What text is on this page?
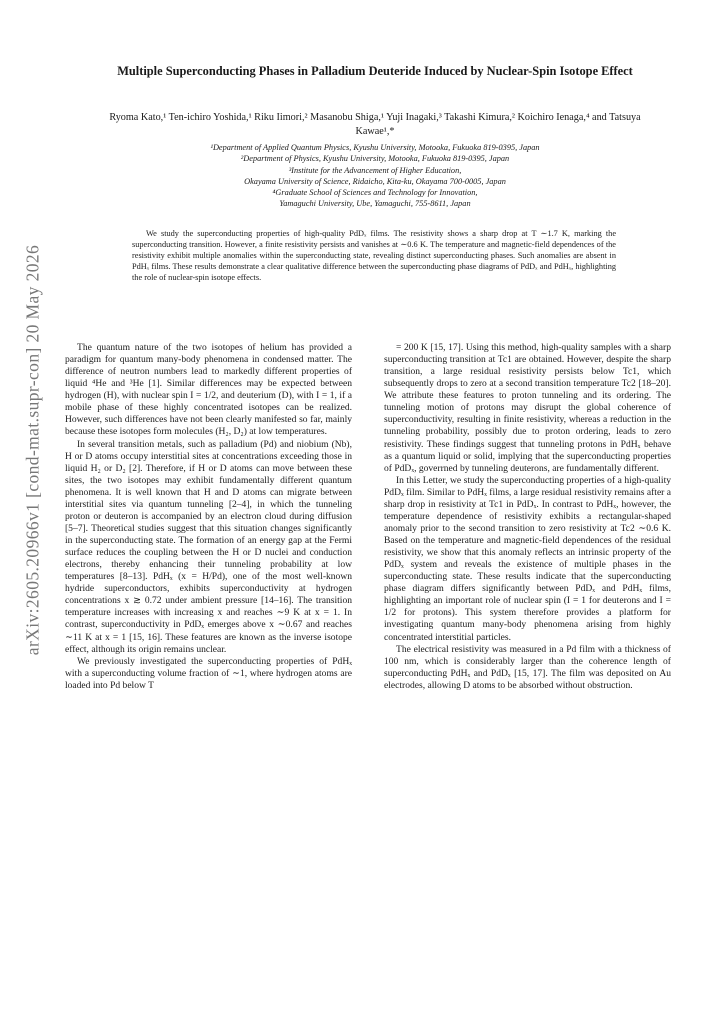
arXiv:2605.20966v1 [cond-mat.supr-con] 20 May 2026
Multiple Superconducting Phases in Palladium Deuteride Induced by Nuclear-Spin Isotope Effect
Ryoma Kato,¹ Ten-ichiro Yoshida,¹ Riku Iimori,² Masanobu Shiga,¹ Yuji Inagaki,³ Takashi Kimura,² Koichiro Ienaga,⁴ and Tatsuya Kawae¹,*
¹Department of Applied Quantum Physics, Kyushu University, Motooka, Fukuoka 819-0395, Japan
²Department of Physics, Kyushu University, Motooka, Fukuoka 819-0395, Japan
³Institute for the Advancement of Higher Education,
Okayama University of Science, Ridaicho, Kita-ku, Okayama 700-0005, Japan
⁴Graduate School of Sciences and Technology for Innovation,
Yamaguchi University, Ube, Yamaguchi, 755-8611, Japan

We study the superconducting properties of high-quality PdDₓ films. The resistivity shows a sharp drop at T ∼1.7 K, marking the superconducting transition. However, a finite resistivity persists and vanishes at ∼0.6 K. The temperature and magnetic-field dependences of the resistivity exhibit multiple anomalies within the superconducting state, revealing distinct superconducting phases. Such anomalies are absent in PdHₓ films. These results demonstrate a clear qualitative difference between the superconducting phase diagrams of PdDₓ and PdHₓ, highlighting the role of nuclear-spin isotope effects.

The quantum nature of the two isotopes of helium has provided a paradigm for quantum many-body phenomena in condensed matter. The difference of neutron numbers lead to markedly different properties of liquid ⁴He and ³He [1]. Similar differences may be expected between hydrogen (H), with nuclear spin I = 1/2, and deuterium (D), with I = 1, if a mobile phase of these highly concentrated isotopes can be realized. However, such differences have not been clearly manifested so far, mainly because these isotopes form molecules (H₂, D₂) at low temperatures.

In several transition metals, such as palladium (Pd) and niobium (Nb), H or D atoms occupy interstitial sites at concentrations exceeding those in liquid H₂ or D₂ [2]. Therefore, if H or D atoms can move between these sites, the two isotopes may exhibit fundamentally different quantum phenomena. It is well known that H and D atoms can migrate between interstitial sites via quantum tunneling [2–4], in which the tunneling proton or deuteron is accompanied by an electron cloud during diffusion [5–7]. Theoretical studies suggest that this situation changes significantly in the superconducting state. The formation of an energy gap at the Fermi surface reduces the coupling between the H or D nuclei and conduction electrons, thereby enhancing their tunneling probability at low temperatures [8–13]. PdHₓ (x = H/Pd), one of the most well-known hydride superconductors, exhibits superconductivity at hydrogen concentrations x ≳ 0.72 under ambient pressure [14–16]. The transition temperature increases with increasing x and reaches ∼9 K at x = 1. In contrast, superconductivity in PdDₓ emerges above x ∼0.67 and reaches ∼11 K at x = 1 [15, 16]. These features are known as the inverse isotope effect, although its origin remains unclear.

We previously investigated the superconducting properties of PdHₓ with a superconducting volume fraction of ∼1, where hydrogen atoms are loaded into Pd below T

= 200 K [15, 17]. Using this method, high-quality samples with a sharp superconducting transition at Tc1 are obtained. However, despite the sharp transition, a large residual resistivity persists below Tc1, which subsequently drops to zero at a second transition temperature Tc2 [18–20]. We attribute these features to proton tunneling and its ordering. The tunneling motion of protons may disrupt the global coherence of superconductivity, resulting in finite resistivity, whereas a reduction in the tunneling probability, possibly due to proton ordering, leads to zero resistivity. These findings suggest that tunneling protons in PdHₓ behave as a quantum liquid or solid, implying that the superconducting properties of PdDₓ, goverrned by tunneling deuterons, are fundamentally different.

In this Letter, we study the superconducting properties of a high-quality PdDₓ film. Similar to PdHₓ films, a large residual resistivity remains after a sharp drop in resistivity at Tc1 in PdDₓ. In contrast to PdHₓ, however, the temperature dependence of resistivity exhibits a rectangular-shaped anomaly prior to the second transition to zero resistivity at Tc2 ∼0.6 K. Based on the temperature and magnetic-field dependences of the residual resistivity, we show that this anomaly reflects an intrinsic property of the PdDₓ system and reveals the existence of multiple phases in the superconducting state. These results indicate that the superconducting phase diagram differs significantly between PdDₓ and PdHₓ films, highlighting an important role of nuclear spin (I = 1 for deuterons and I = 1/2 for protons). This system therefore provides a platform for investigating quantum many-body phenomena arising from highly concentrated interstitial particles.

The electrical resistivity was measured in a Pd film with a thickness of 100 nm, which is considerably larger than the coherence length of superconducting PdHₓ and PdDₓ [15, 17]. The film was deposited on Au electrodes, allowing D atoms to be absorbed without obstruction.
